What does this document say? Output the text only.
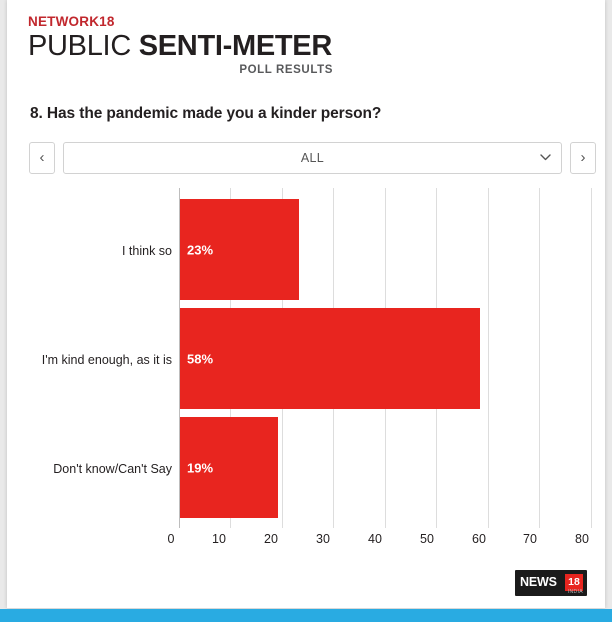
NETWORK18
PUBLIC SENTI-METER
POLL RESULTS
8. Has the pandemic made you a kinder person?
‹	ALL	›
I think so
I'm kind enough, as it is
Don't know/Can't Say
23%
58%
19%
0	10	20	30	40	50	60	70	80
NEWS	18
INDIA
